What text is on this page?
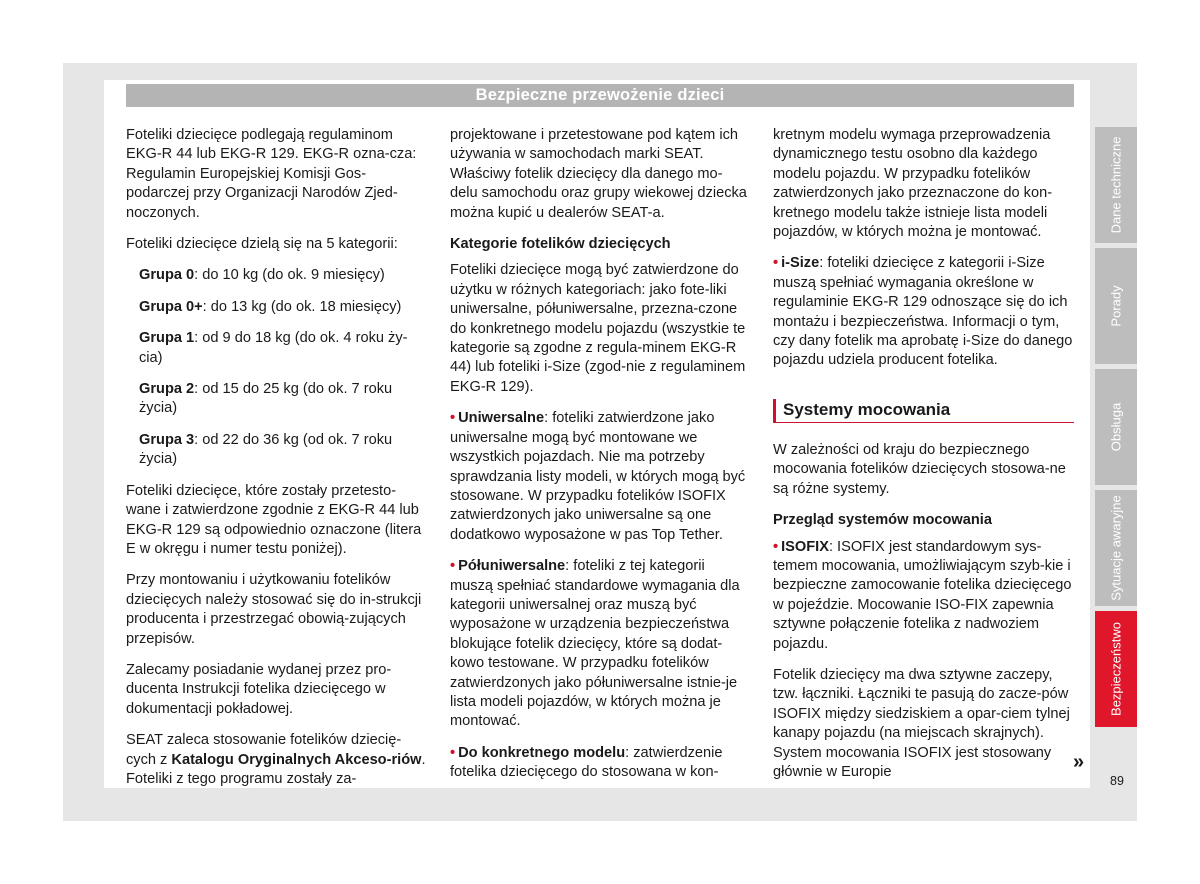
Bezpieczne przewożenie dzieci

Foteliki dziecięce podlegają regulaminom EKG-R 44 lub EKG-R 129. EKG-R ozna-cza: Regulamin Europejskiej Komisji Gos-podarczej przy Organizacji Narodów Zjed-noczonych.

Foteliki dziecięce dzielą się na 5 kategorii:

Grupa 0: do 10 kg (do ok. 9 miesięcy)

Grupa 0+: do 13 kg (do ok. 18 miesięcy)

Grupa 1: od 9 do 18 kg (do ok. 4 roku ży-cia)

Grupa 2: od 15 do 25 kg (do ok. 7 roku życia)

Grupa 3: od 22 do 36 kg (od ok. 7 roku życia)

Foteliki dziecięce, które zostały przetesto-wane i zatwierdzone zgodnie z EKG-R 44 lub EKG-R 129 są odpowiednio oznaczone (litera E w okręgu i numer testu poniżej).

Przy montowaniu i użytkowaniu fotelików dziecięcych należy stosować się do in-strukcji producenta i przestrzegać obowią-zujących przepisów.

Zalecamy posiadanie wydanej przez pro-ducenta Instrukcji fotelika dziecięcego w dokumentacji pokładowej.

SEAT zaleca stosowanie fotelików dziecię-cych z Katalogu Oryginalnych Akceso-riów. Foteliki z tego programu zostały za-

projektowane i przetestowane pod kątem ich używania w samochodach marki SEAT. Właściwy fotelik dziecięcy dla danego mo-delu samochodu oraz grupy wiekowej dziecka można kupić u dealerów SEAT-a.

Kategorie fotelików dziecięcych

Foteliki dziecięce mogą być zatwierdzone do użytku w różnych kategoriach: jako fote-liki uniwersalne, półuniwersalne, przezna-czone do konkretnego modelu pojazdu (wszystkie te kategorie są zgodne z regula-minem EKG-R 44) lub foteliki i-Size (zgod-nie z regulaminem EKG-R 129).

• Uniwersalne: foteliki zatwierdzone jako uniwersalne mogą być montowane we wszystkich pojazdach. Nie ma potrzeby sprawdzania listy modeli, w których mogą być stosowane. W przypadku fotelików ISOFIX zatwierdzonych jako uniwersalne są one dodatkowo wyposażone w pas Top Tether.

• Półuniwersalne: foteliki z tej kategorii muszą spełniać standardowe wymagania dla kategorii uniwersalnej oraz muszą być wyposażone w urządzenia bezpieczeństwa blokujące fotelik dziecięcy, które są dodat-kowo testowane. W przypadku fotelików zatwierdzonych jako półuniwersalne istnie-je lista modeli pojazdów, w których można je montować.

• Do konkretnego modelu: zatwierdzenie fotelika dziecięcego do stosowana w kon-

kretnym modelu wymaga przeprowadzenia dynamicznego testu osobno dla każdego modelu pojazdu. W przypadku fotelików zatwierdzonych jako przeznaczone do kon-kretnego modelu także istnieje lista modeli pojazdów, w których można je montować.

• i-Size: foteliki dziecięce z kategorii i-Size muszą spełniać wymagania określone w regulaminie EKG-R 129 odnoszące się do ich montażu i bezpieczeństwa. Informacji o tym, czy dany fotelik ma aprobatę i-Size do danego pojazdu udziela producent fotelika.

Systemy mocowania

W zależności od kraju do bezpiecznego mocowania fotelików dziecięcych stosowa-ne są różne systemy.

Przegląd systemów mocowania

• ISOFIX: ISOFIX jest standardowym sys-temem mocowania, umożliwiającym szyb-kie i bezpieczne zamocowanie fotelika dziecięcego w pojeździe. Mocowanie ISO-FIX zapewnia sztywne połączenie fotelika z nadwoziem pojazdu.

Fotelik dziecięcy ma dwa sztywne zaczepy, tzw. łączniki. Łączniki te pasują do zacze-pów ISOFIX między siedziskiem a opar-ciem tylnej kanapy pojazdu (na miejscach skrajnych). System mocowania ISOFIX jest stosowany głównie w Europie	»
Dane techniczne
Porady
Obsługa
Sytuacje awaryjne
Bezpieczeństwo
89
